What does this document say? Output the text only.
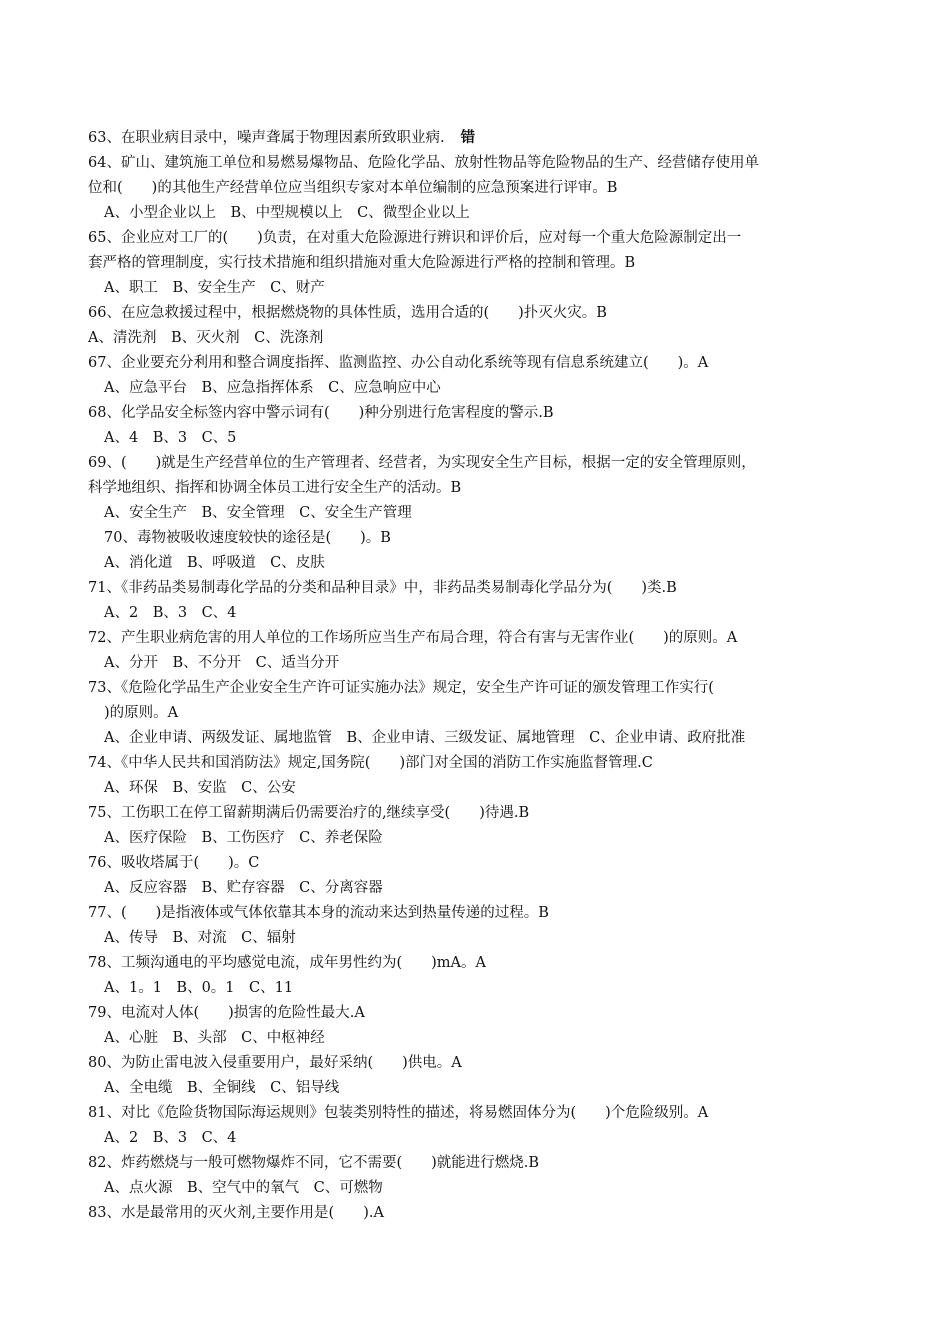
63、在职业病目录中，噪声聋属于物理因素所致职业病. 错
64、矿山、建筑施工单位和易燃易爆物品、危险化学品、放射性物品等危险物品的生产、经营储存使用单
位和(　　)的其他生产经营单位应当组织专家对本单位编制的应急预案进行评审。B
A、小型企业以上　B、中型规模以上　C、微型企业以上
65、企业应对工厂的(　　)负责，在对重大危险源进行辨识和评价后，应对每一个重大危险源制定出一
套严格的管理制度，实行技术措施和组织措施对重大危险源进行严格的控制和管理。B
A、职工　B、安全生产　C、财产
66、在应急救援过程中，根据燃烧物的具体性质，选用合适的(　　)扑灭火灾。B
A、清洗剂　B、灭火剂　C、洗涤剂
67、企业要充分利用和整合调度指挥、监测监控、办公自动化系统等现有信息系统建立(　　)。A
A、应急平台　B、应急指挥体系　C、应急响应中心
68、化学品安全标签内容中警示词有(　　)种分别进行危害程度的警示.B
A、4　B、3　C、5
69、(　　)就是生产经营单位的生产管理者、经营者，为实现安全生产目标，根据一定的安全管理原则，
科学地组织、指挥和协调全体员工进行安全生产的活动。B
A、安全生产　B、安全管理　C、安全生产管理
70、毒物被吸收速度较快的途径是(　　)。B
A、消化道　B、呼吸道　C、皮肤
71、《非药品类易制毒化学品的分类和品种目录》中，非药品类易制毒化学品分为(　　)类.B
A、2　B、3　C、4
72、产生职业病危害的用人单位的工作场所应当生产布局合理，符合有害与无害作业(　　)的原则。A
A、分开　B、不分开　C、适当分开
73、《危险化学品生产企业安全生产许可证实施办法》规定，安全生产许可证的颁发管理工作实行(
)的原则。A
A、企业申请、两级发证、属地监管　B、企业申请、三级发证、属地管理　C、企业申请、政府批准
74、《中华人民共和国消防法》规定,国务院(　　)部门对全国的消防工作实施监督管理.C
A、环保　B、安监　C、公安
75、工伤职工在停工留薪期满后仍需要治疗的,继续享受(　　)待遇.B
A、医疗保险　B、工伤医疗　C、养老保险
76、吸收塔属于(　　)。C
A、反应容器　B、贮存容器　C、分离容器
77、(　　)是指液体或气体依靠其本身的流动来达到热量传递的过程。B
A、传导　B、对流　C、辐射
78、工频沟通电的平均感觉电流，成年男性约为(　　)mA。A
A、1。1　B、0。1　C、11
79、电流对人体(　　)损害的危险性最大.A
A、心脏　B、头部　C、中枢神经
80、为防止雷电波入侵重要用户，最好采纳(　　)供电。A
A、全电缆　B、全铜线　C、铝导线
81、对比《危险货物国际海运规则》包装类别特性的描述，将易燃固体分为(　　)个危险级别。A
A、2　B、3　C、4
82、炸药燃烧与一般可燃物爆炸不同，它不需要(　　)就能进行燃烧.B
A、点火源　B、空气中的氧气　C、可燃物
83、水是最常用的灭火剂,主要作用是(　　).A
